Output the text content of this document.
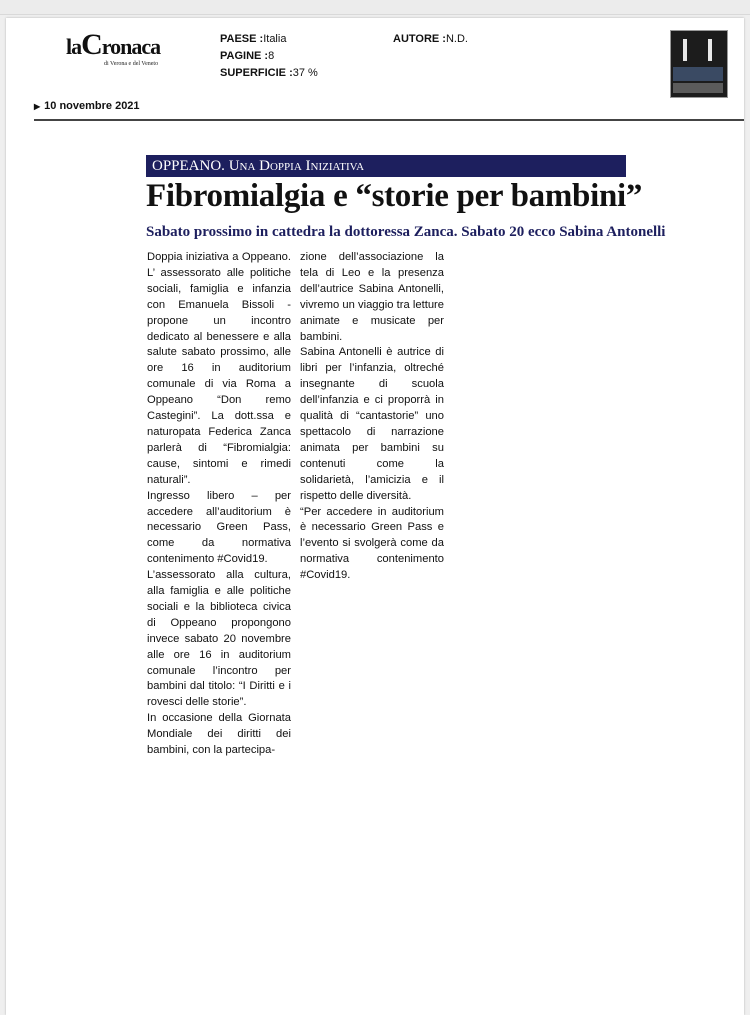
laCronaca
di Verona e del Veneto
PAESE :Italia
PAGINE :8
SUPERFICIE :37 %
AUTORE :N.D.
▶ 10 novembre 2021
OPPEANO. Una Doppia Iniziativa
Fibromialgia e “storie per bambini”
Sabato prossimo in cattedra la dottoressa Zanca. Sabato 20 ecco Sabina Antonelli

Doppia iniziativa a Oppeano. L’ assessorato alle politiche sociali, famiglia e infanzia con Emanuela Bissoli - propone un incontro dedicato al benessere e alla salute sabato prossimo, alle ore 16 in auditorium comunale di via Roma a Oppeano “Don remo Castegini”. La dott.ssa e naturopata Federica Zanca parlerà di “Fibromialgia: cause, sintomi e rimedi naturali”.

Ingresso libero – per accedere all’auditorium è necessario Green Pass, come da normativa contenimento #Covid19.

L’assessorato alla cultura, alla famiglia e alle politiche sociali e la biblioteca civica di Oppeano propongono invece sabato 20 novembre alle ore 16 in auditorium comunale l’incontro per bambini dal titolo: “I Diritti e i rovesci delle storie”.

In occasione della Giornata Mondiale dei diritti dei bambini, con la partecipa-

zione dell’associazione la tela di Leo e la presenza dell’autrice Sabina Antonelli, vivremo un viaggio tra letture animate e musicate per bambini.

Sabina Antonelli è autrice di libri per l’infanzia, oltreché insegnante di scuola dell’infanzia e ci proporrà in qualità di “cantastorie” uno spettacolo di narrazione animata per bambini su contenuti come la solidarietà, l’amicizia e il rispetto delle diversità.

“Per accedere in auditorium è necessario Green Pass e l’evento si svolgerà come da normativa contenimento #Covid19.
